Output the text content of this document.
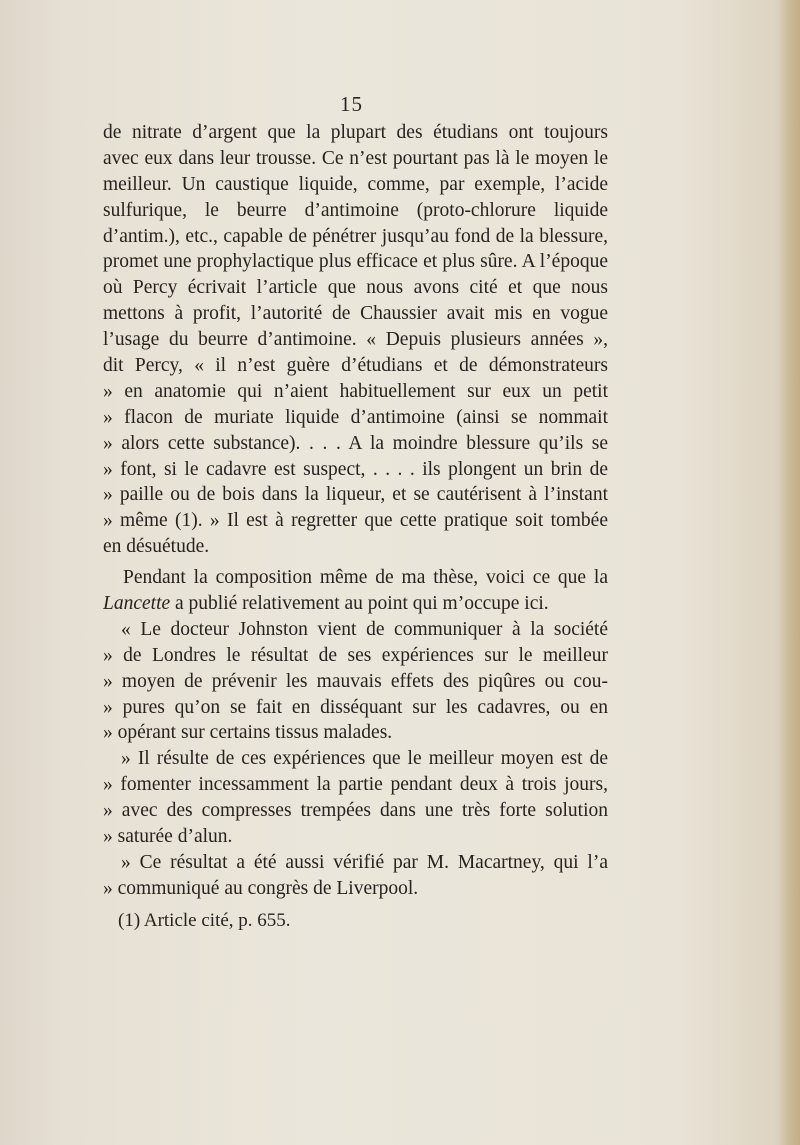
15
de nitrate d’argent que la plupart des étudians ont toujours
avec eux dans leur trousse. Ce n’est pourtant pas là le moyen le
meilleur. Un caustique liquide, comme, par exemple, l’acide
sulfurique, le beurre d’antimoine (proto-chlorure liquide
d’antim.), etc., capable de pénétrer jusqu’au fond de la blessure,
promet une prophylactique plus efficace et plus sûre. A l’époque
où Percy écrivait l’article que nous avons cité et que nous
mettons à profit, l’autorité de Chaussier avait mis en vogue
l’usage du beurre d’antimoine. « Depuis plusieurs années »,
dit Percy, « il n’est guère d’étudians et de démonstrateurs
» en anatomie qui n’aient habituellement sur eux un petit
» flacon de muriate liquide d’antimoine (ainsi se nommait
» alors cette substance). . . . A la moindre blessure qu’ils se
» font, si le cadavre est suspect, . . . . ils plongent un brin de
» paille ou de bois dans la liqueur, et se cautérisent à l’instant
» même (1). » Il est à regretter que cette pratique soit tombée
en désuétude.
Pendant la composition même de ma thèse, voici ce que la
Lancette a publié relativement au point qui m’occupe ici.
« Le docteur Johnston vient de communiquer à la société
» de Londres le résultat de ses expériences sur le meilleur
» moyen de prévenir les mauvais effets des piqûres ou cou-
» pures qu’on se fait en disséquant sur les cadavres, ou en
» opérant sur certains tissus malades.
» Il résulte de ces expériences que le meilleur moyen est de
» fomenter incessamment la partie pendant deux à trois jours,
» avec des compresses trempées dans une très forte solution
» saturée d’alun.
» Ce résultat a été aussi vérifié par M. Macartney, qui l’a
» communiqué au congrès de Liverpool.
(1) Article cité, p. 655.
